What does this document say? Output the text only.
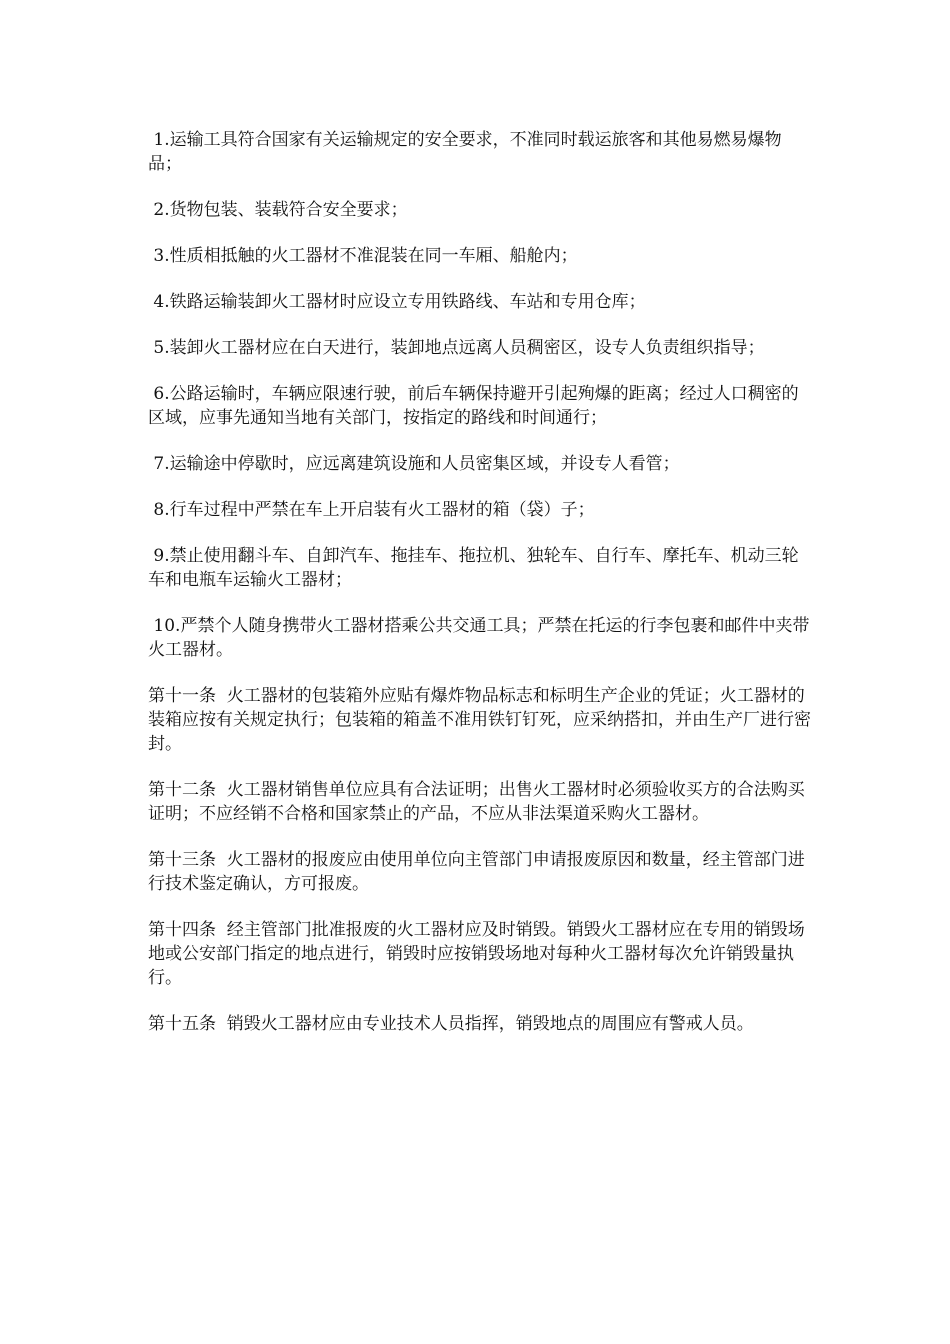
1.运输工具符合国家有关运输规定的安全要求，不准同时载运旅客和其他易燃易爆物品；

2.货物包装、装载符合安全要求；

3.性质相抵触的火工器材不准混装在同一车厢、船舱内；

4.铁路运输装卸火工器材时应设立专用铁路线、车站和专用仓库；

5.装卸火工器材应在白天进行，装卸地点远离人员稠密区，设专人负责组织指导；

6.公路运输时，车辆应限速行驶，前后车辆保持避开引起殉爆的距离；经过人口稠密的区域，应事先通知当地有关部门，按指定的路线和时间通行；

7.运输途中停歇时，应远离建筑设施和人员密集区域，并设专人看管；

8.行车过程中严禁在车上开启装有火工器材的箱（袋）子；

9.禁止使用翻斗车、自卸汽车、拖挂车、拖拉机、独轮车、自行车、摩托车、机动三轮车和电瓶车运输火工器材；

10.严禁个人随身携带火工器材搭乘公共交通工具；严禁在托运的行李包裹和邮件中夹带火工器材。

第十一条  火工器材的包装箱外应贴有爆炸物品标志和标明生产企业的凭证；火工器材的装箱应按有关规定执行；包装箱的箱盖不准用铁钉钉死，应采纳搭扣，并由生产厂进行密封。

第十二条  火工器材销售单位应具有合法证明；出售火工器材时必须验收买方的合法购买证明；不应经销不合格和国家禁止的产品，不应从非法渠道采购火工器材。

第十三条  火工器材的报废应由使用单位向主管部门申请报废原因和数量，经主管部门进行技术鉴定确认，方可报废。

第十四条  经主管部门批准报废的火工器材应及时销毁。销毁火工器材应在专用的销毁场地或公安部门指定的地点进行，销毁时应按销毁场地对每种火工器材每次允许销毁量执行。

第十五条  销毁火工器材应由专业技术人员指挥，销毁地点的周围应有警戒人员。
